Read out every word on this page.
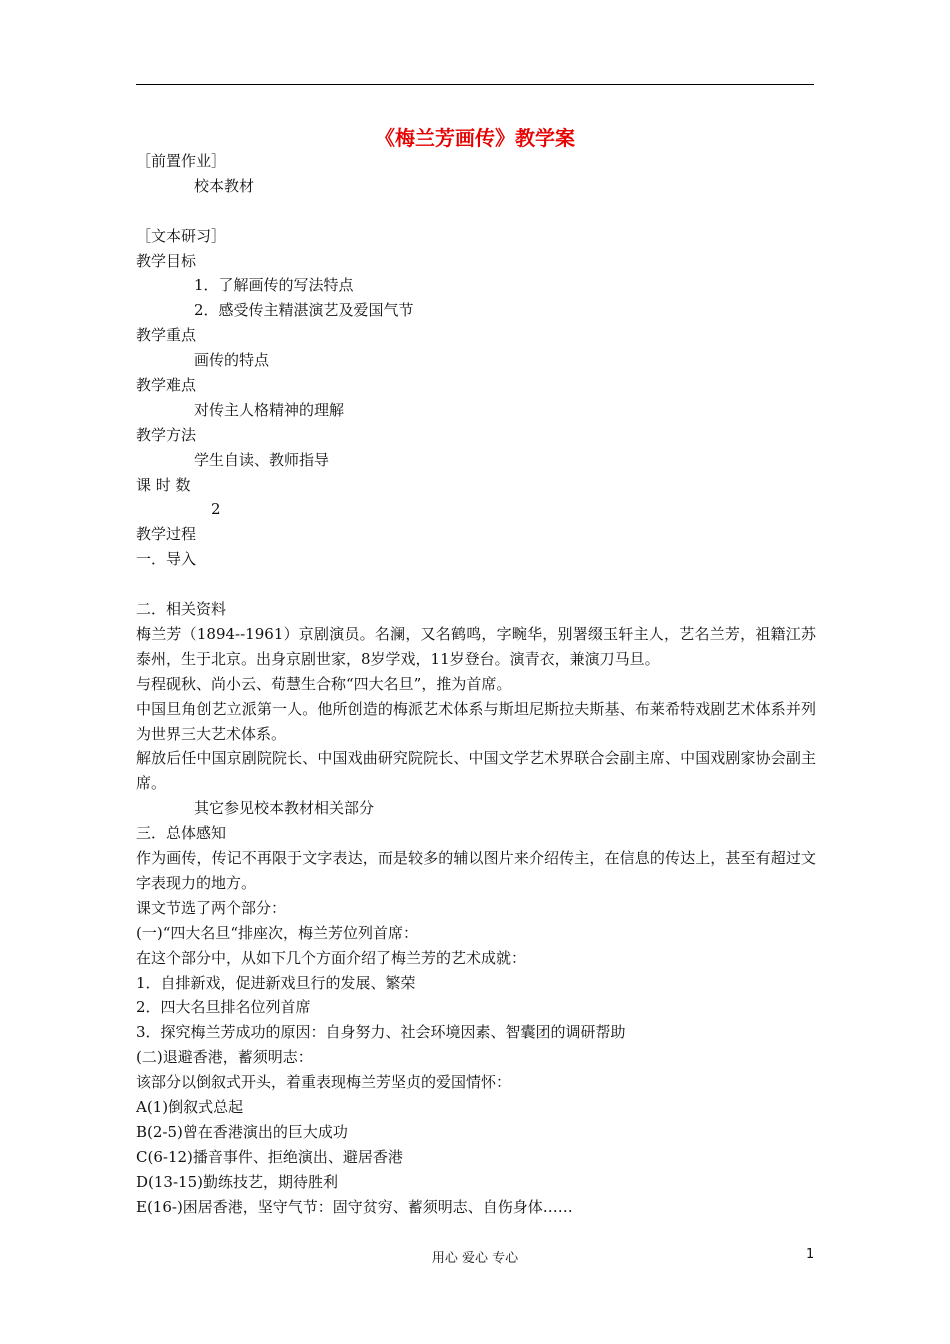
《梅兰芳画传》教学案
［前置作业］
校本教材
［文本研习］
教学目标
1．了解画传的写法特点
2．感受传主精湛演艺及爱国气节
教学重点
画传的特点
教学难点
对传主人格精神的理解
教学方法
学生自读、教师指导
课 时 数
2
教学过程
一．导入
二．相关资料
梅兰芳（1894--1961）京剧演员。名澜，又名鹤鸣，字畹华，别署缀玉轩主人，艺名兰芳，祖籍江苏泰州，生于北京。出身京剧世家，8岁学戏，11岁登台。演青衣，兼演刀马旦。
与程砚秋、尚小云、荀慧生合称“四大名旦”，推为首席。
中国旦角创艺立派第一人。他所创造的梅派艺术体系与斯坦尼斯拉夫斯基、布莱希特戏剧艺术体系并列为世界三大艺术体系。
解放后任中国京剧院院长、中国戏曲研究院院长、中国文学艺术界联合会副主席、中国戏剧家协会副主席。
其它参见校本教材相关部分
三．总体感知
作为画传，传记不再限于文字表达，而是较多的辅以图片来介绍传主，在信息的传达上，甚至有超过文字表现力的地方。
课文节选了两个部分：
(一)“四大名旦“排座次，梅兰芳位列首席：
在这个部分中，从如下几个方面介绍了梅兰芳的艺术成就：
1．自排新戏，促进新戏旦行的发展、繁荣
2．四大名旦排名位列首席
3．探究梅兰芳成功的原因：自身努力、社会环境因素、智囊团的调研帮助
(二)退避香港，蓄须明志：
该部分以倒叙式开头，着重表现梅兰芳坚贞的爱国情怀：
A(1)倒叙式总起
B(2-5)曾在香港演出的巨大成功
C(6-12)播音事件、拒绝演出、避居香港
D(13-15)勤练技艺，期待胜利
E(16-)困居香港，坚守气节：固守贫穷、蓄须明志、自伤身体……
用心 爱心 专心	1
